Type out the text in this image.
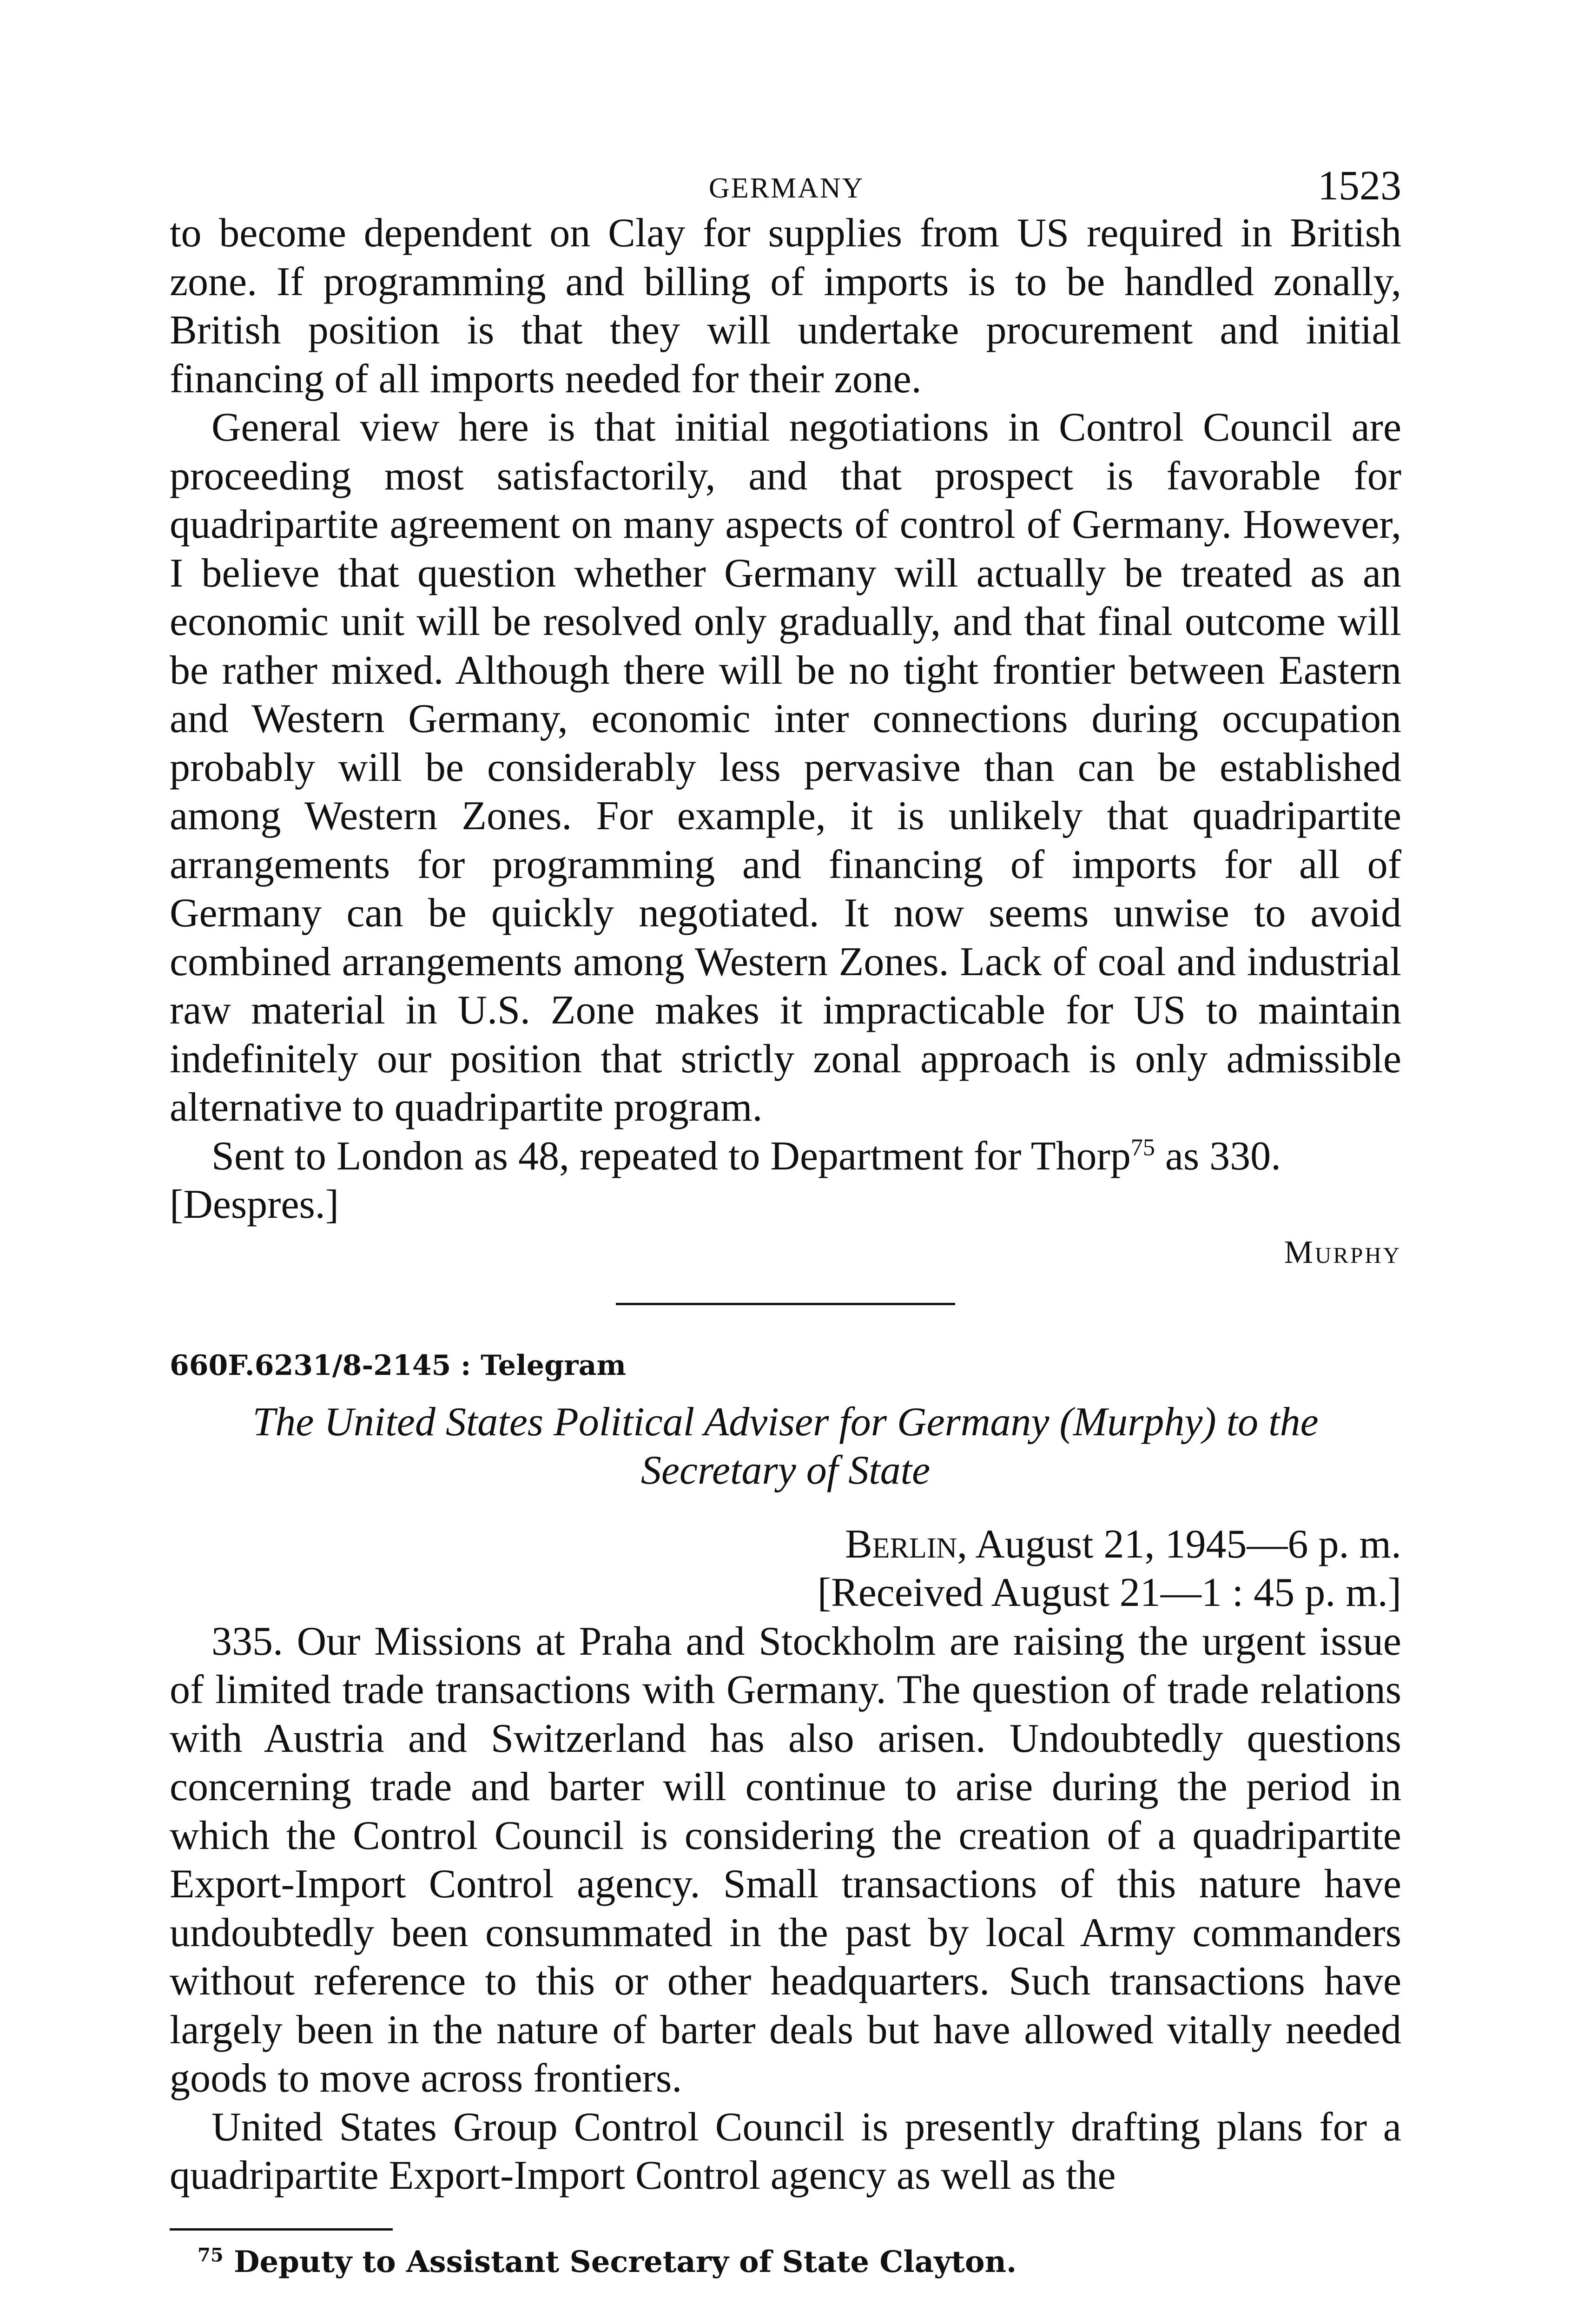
GERMANY	1523

to become dependent on Clay for supplies from US required in British zone. If programming and billing of imports is to be handled zonally, British position is that they will undertake procurement and initial financing of all imports needed for their zone.

General view here is that initial negotiations in Control Council are proceeding most satisfactorily, and that prospect is favorable for quadripartite agreement on many aspects of control of Germany. However, I believe that question whether Germany will actually be treated as an economic unit will be resolved only gradually, and that final outcome will be rather mixed. Although there will be no tight frontier between Eastern and Western Germany, economic inter connections during occupation probably will be considerably less pervasive than can be established among Western Zones. For example, it is unlikely that quadripartite arrangements for programming and financing of imports for all of Germany can be quickly negotiated. It now seems unwise to avoid combined arrangements among Western Zones. Lack of coal and industrial raw material in U.S. Zone makes it impracticable for US to maintain indefinitely our position that strictly zonal approach is only admissible alternative to quadripartite program.

Sent to London as 48, repeated to Department for Thorp$^{75}$ as 330.
[Despres.]

Murphy
660F.6231/8-2145 : Telegram
The United States Political Adviser for Germany (Murphy) to the
Secretary of State
Berlin, August 21, 1945—6 p. m.
[Received August 21—1 : 45 p. m.]

335. Our Missions at Praha and Stockholm are raising the urgent issue of limited trade transactions with Germany. The question of trade relations with Austria and Switzerland has also arisen. Undoubtedly questions concerning trade and barter will continue to arise during the period in which the Control Council is considering the creation of a quadripartite Export-Import Control agency. Small transactions of this nature have undoubtedly been consummated in the past by local Army commanders without reference to this or other headquarters. Such transactions have largely been in the nature of barter deals but have allowed vitally needed goods to move across frontiers.

United States Group Control Council is presently drafting plans for a quadripartite Export-Import Control agency as well as the

$^{75}$ Deputy to Assistant Secretary of State Clayton.
